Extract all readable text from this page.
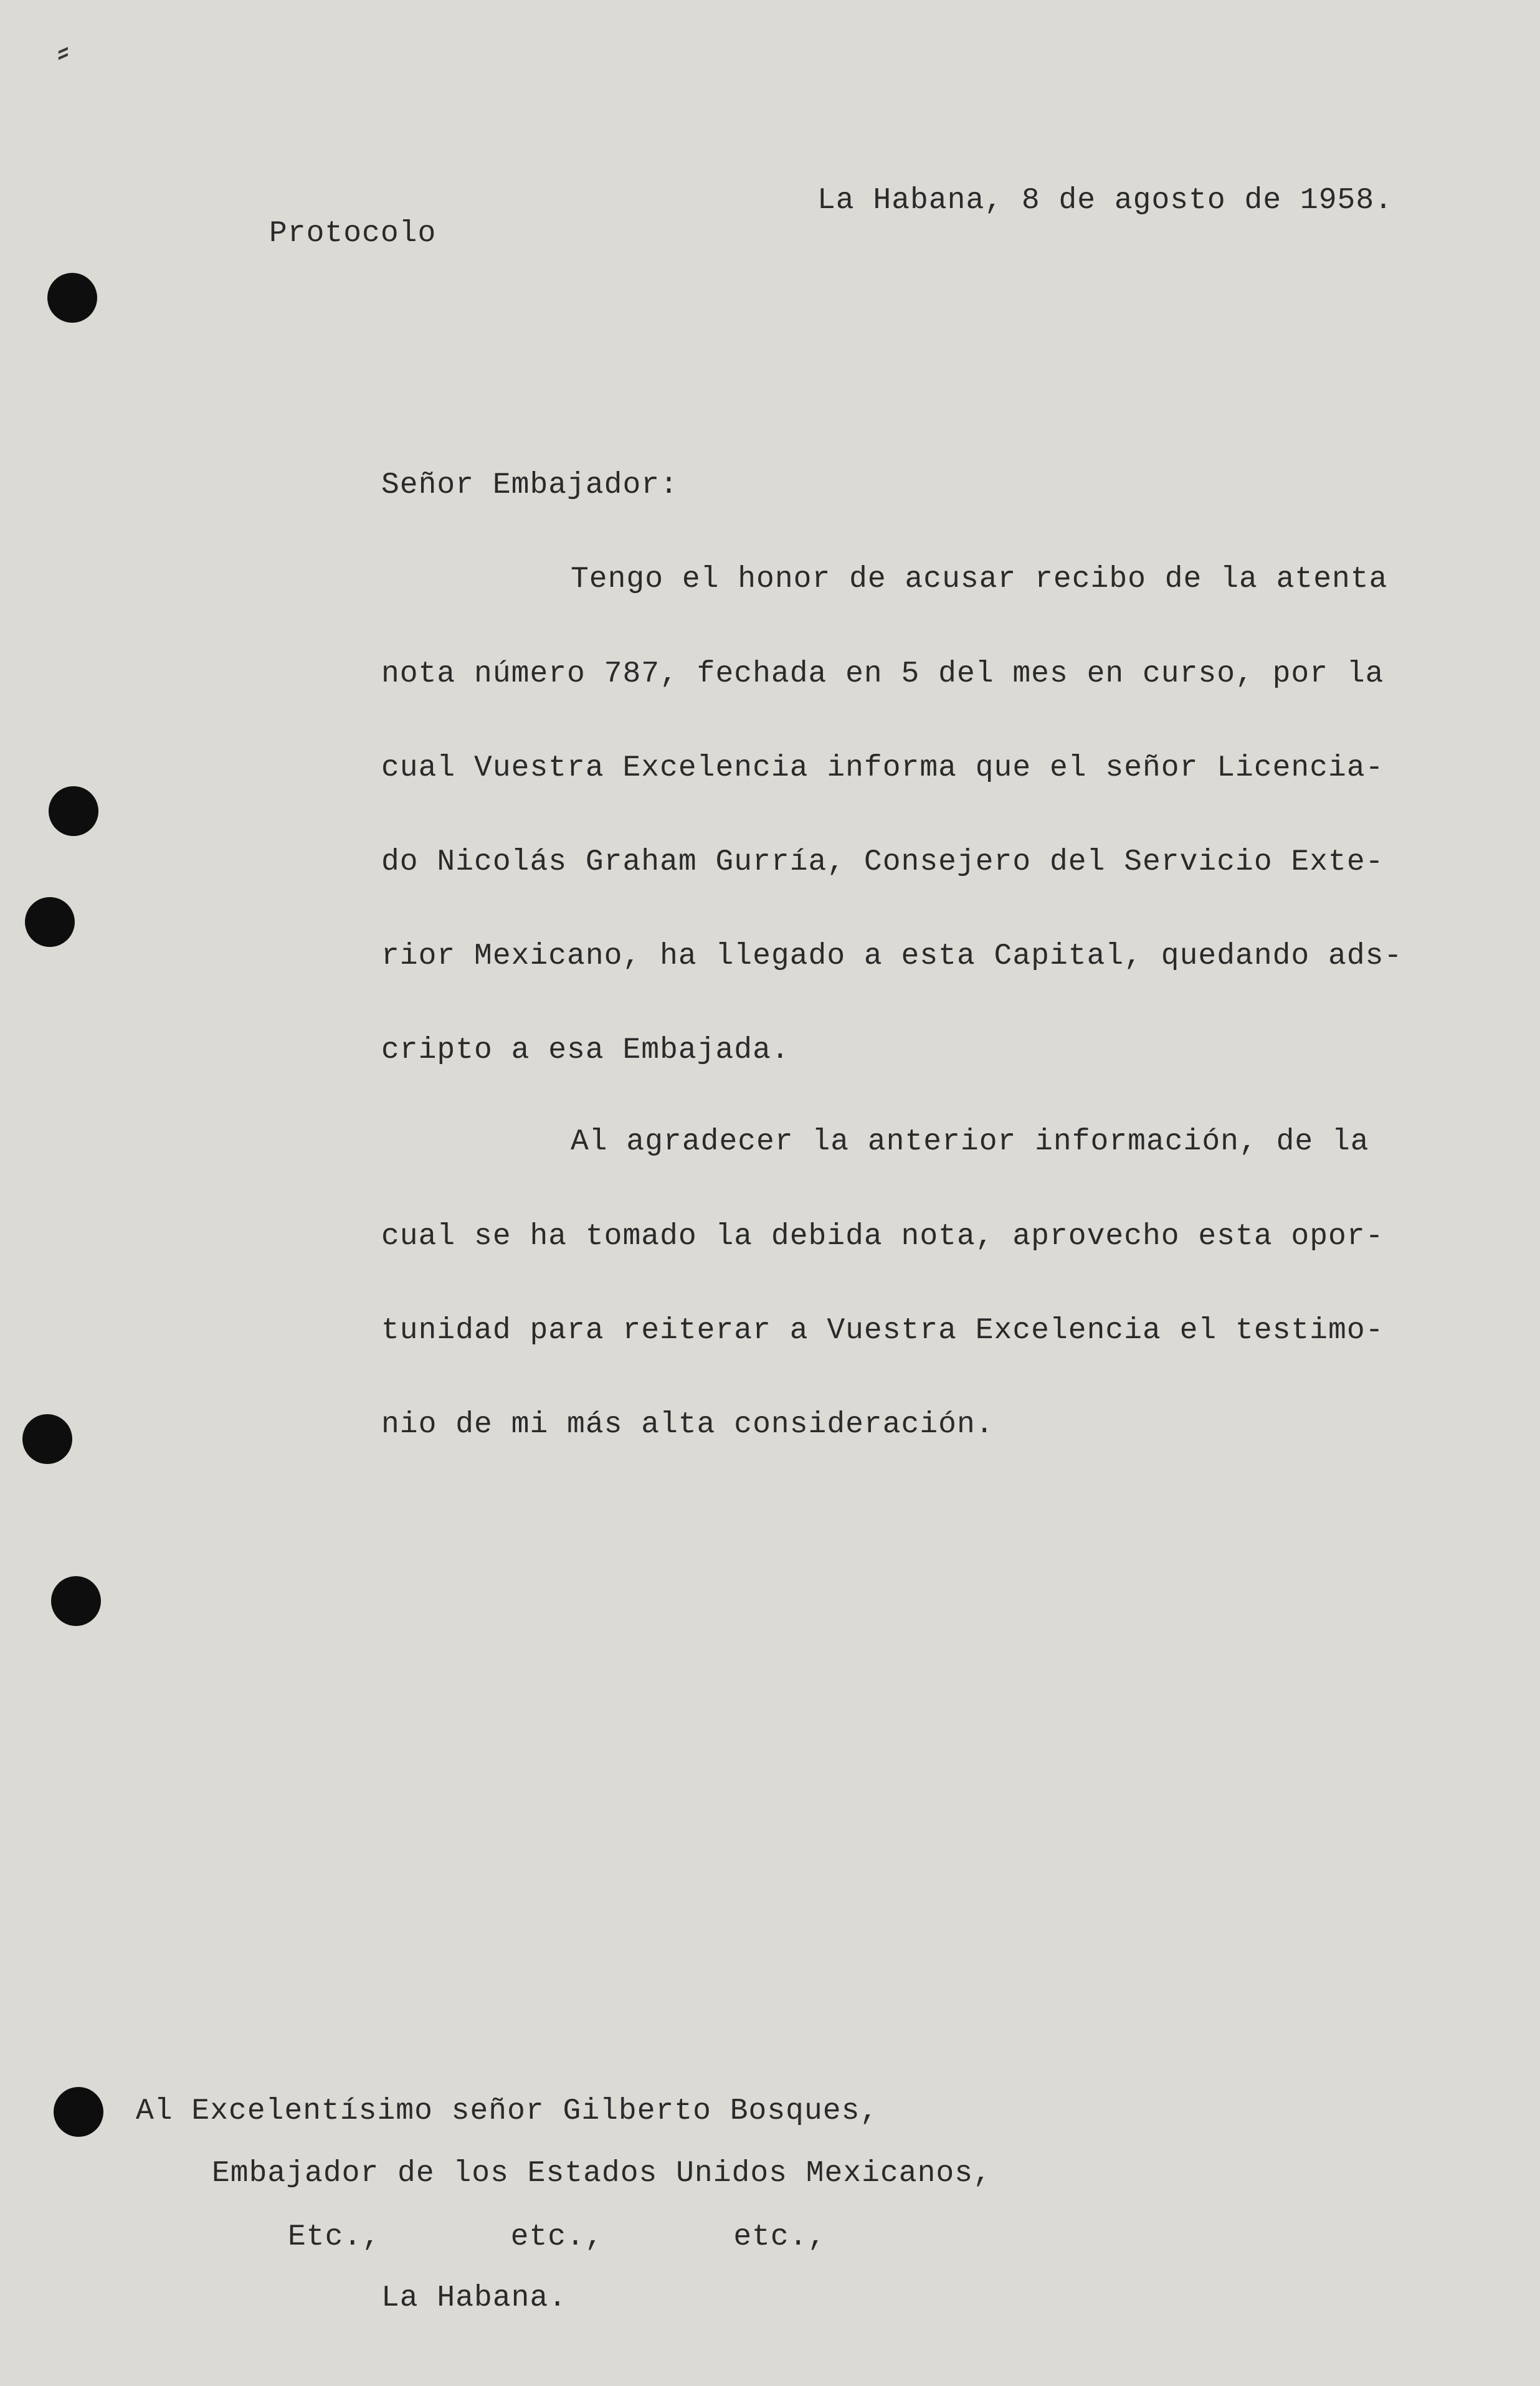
⸗

Protocolo

La Habana, 8 de agosto de 1958.

Señor Embajador:

Tengo el honor de acusar recibo de la atenta

nota número 787, fechada en 5 del mes en curso, por la

cual Vuestra Excelencia informa que el señor Licencia-

do Nicolás Graham Gurría, Consejero del Servicio Exte-

rior Mexicano, ha llegado a esta Capital, quedando ads-

cripto a esa Embajada.

Al agradecer la anterior información, de la

cual se ha tomado la debida nota, aprovecho esta opor-

tunidad para reiterar a Vuestra Excelencia el testimo-

nio de mi más alta consideración.

Al Excelentísimo señor Gilberto Bosques,

Embajador de los Estados Unidos Mexicanos,

Etc.,       etc.,       etc.,

La Habana.
